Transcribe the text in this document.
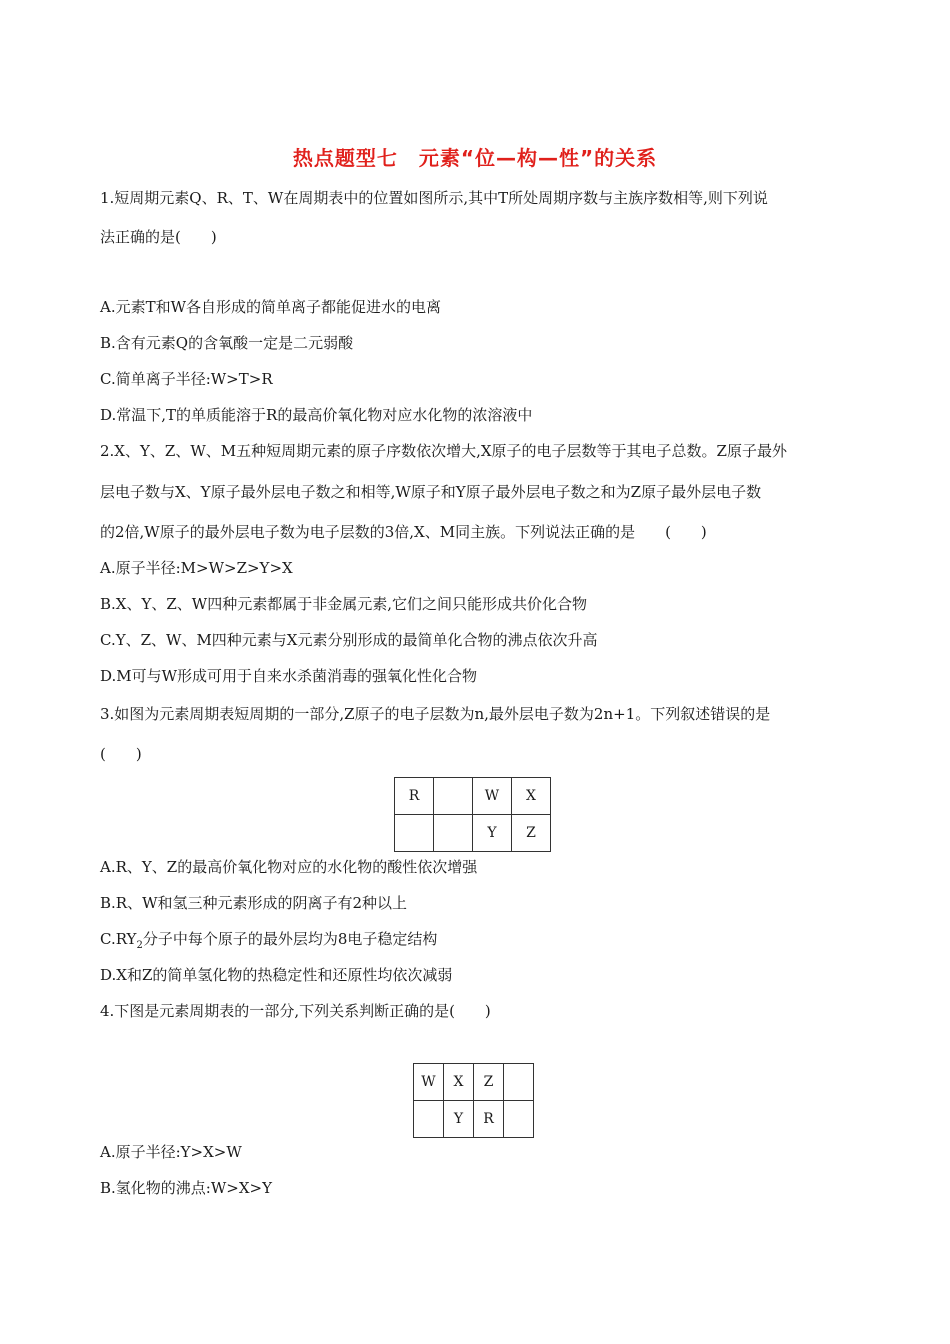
热点题型七　元素“位—构—性”的关系
1.短周期元素Q、R、T、W在周期表中的位置如图所示,其中T所处周期序数与主族序数相等,则下列说
法正确的是(　　)
A.元素T和W各自形成的简单离子都能促进水的电离
B.含有元素Q的含氧酸一定是二元弱酸
C.简单离子半径:W>T>R
D.常温下,T的单质能溶于R的最高价氧化物对应水化物的浓溶液中
2.X、Y、Z、W、M五种短周期元素的原子序数依次增大,X原子的电子层数等于其电子总数。Z原子最外
层电子数与X、Y原子最外层电子数之和相等,W原子和Y原子最外层电子数之和为Z原子最外层电子数
的2倍,W原子的最外层电子数为电子层数的3倍,X、M同主族。下列说法正确的是　　(　　)
A.原子半径:M>W>Z>Y>X
B.X、Y、Z、W四种元素都属于非金属元素,它们之间只能形成共价化合物
C.Y、Z、W、M四种元素与X元素分别形成的最简单化合物的沸点依次升高
D.M可与W形成可用于自来水杀菌消毒的强氧化性化合物
3.如图为元素周期表短周期的一部分,Z原子的电子层数为n,最外层电子数为2n+1。下列叙述错误的是
(　　)
R		W	X
		Y	Z
A.R、Y、Z的最高价氧化物对应的水化物的酸性依次增强
B.R、W和氢三种元素形成的阴离子有2种以上
$C.RY_2$分子中每个原子的最外层均为8电子稳定结构
D.X和Z的简单氢化物的热稳定性和还原性均依次减弱
4.下图是元素周期表的一部分,下列关系判断正确的是(　　)
W	X	Z	
	Y	R	
A.原子半径:Y>X>W
B.氢化物的沸点:W>X>Y
